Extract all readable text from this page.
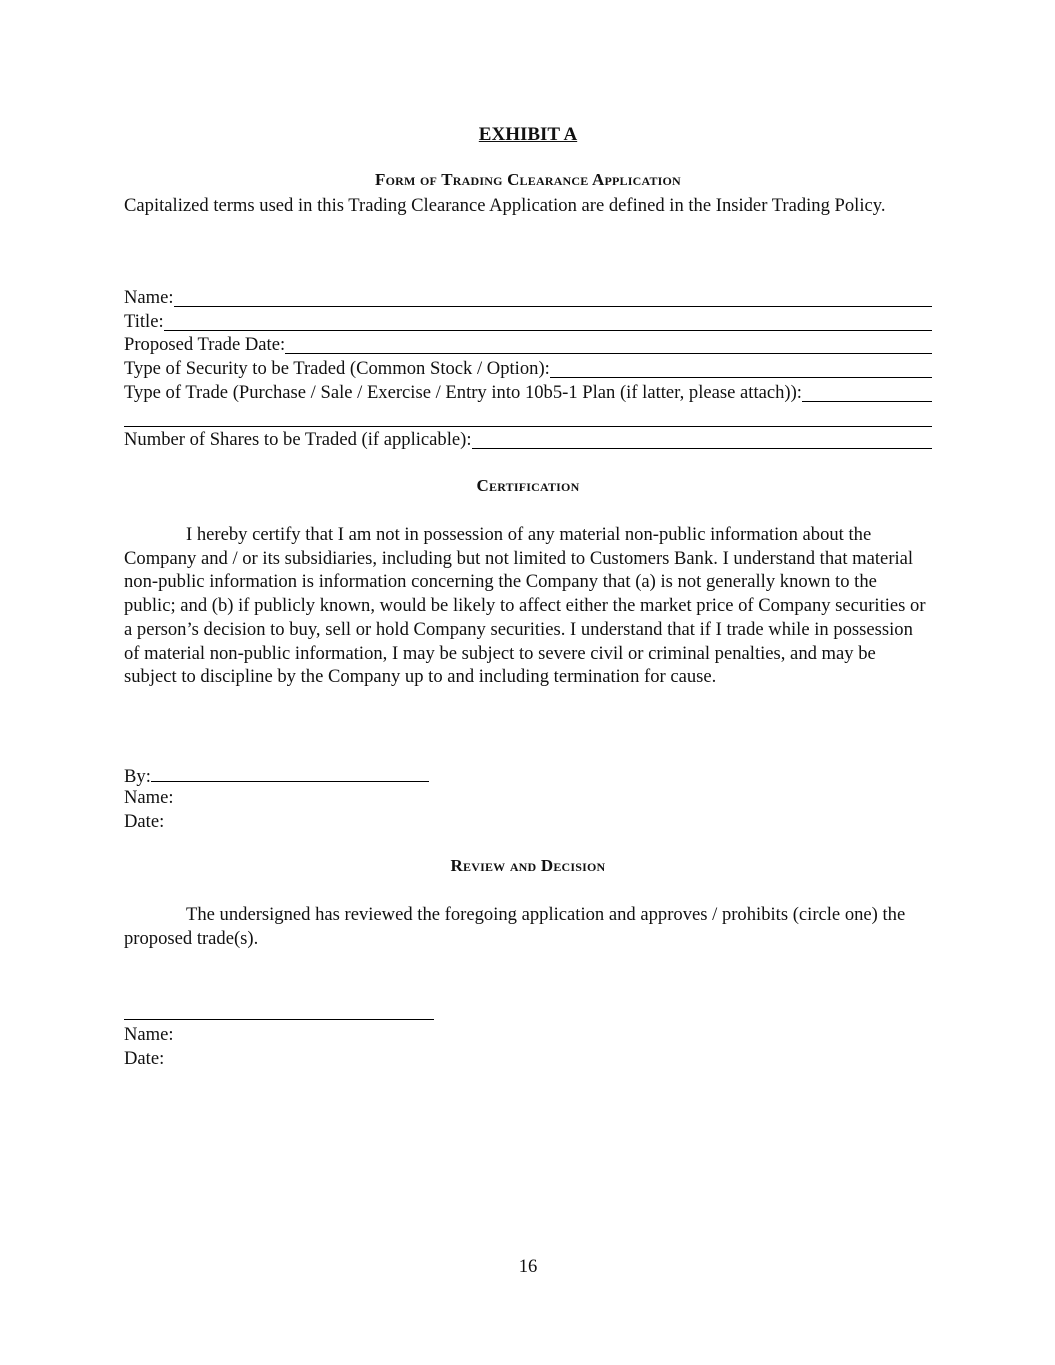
EXHIBIT A
Form of Trading Clearance Application
Capitalized terms used in this Trading Clearance Application are defined in the Insider Trading Policy.
Name:
Title:
Proposed Trade Date:
Type of Security to be Traded (Common Stock / Option):
Type of Trade (Purchase / Sale / Exercise / Entry into 10b5-1 Plan (if latter, please attach)):
Number of Shares to be Traded (if applicable):
Certification
I hereby certify that I am not in possession of any material non-public information about the Company and / or its subsidiaries, including but not limited to Customers Bank. I understand that material non-public information is information concerning the Company that (a) is not generally known to the public; and (b) if publicly known, would be likely to affect either the market price of Company securities or a person’s decision to buy, sell or hold Company securities. I understand that if I trade while in possession of material non-public information, I may be subject to severe civil or criminal penalties, and may be subject to discipline by the Company up to and including termination for cause.
By:
Name:
Date:
Review and Decision
The undersigned has reviewed the foregoing application and approves / prohibits (circle one) the proposed trade(s).
Name:
Date:
16
